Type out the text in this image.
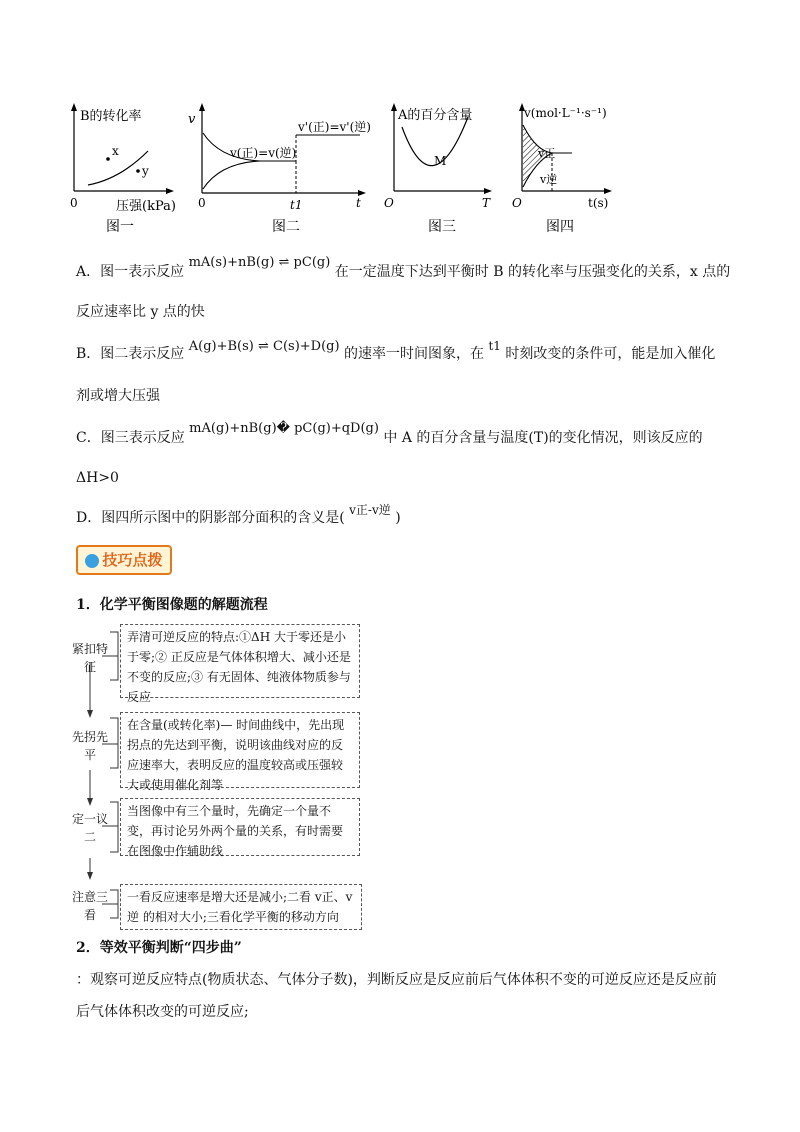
B的转化率
x
y
0	压强(kPa)
图一
v
v(正)=v(逆)
v'(正)=v'(逆)
0	t1	t
图二
A的百分含量
M
O	T
图三
v(mol·L⁻¹·s⁻¹)
v正
v逆
O	t(s)
图四
A．图一表示反应 mA(s)+nB(g) ⇌ pC(g) 在一定温度下达到平衡时 B 的转化率与压强变化的关系，x 点的
反应速率比 y 点的快
B．图二表示反应 A(g)+B(s) ⇌ C(s)+D(g) 的速率一时间图象，在 t1 时刻改变的条件可，能是加入催化
剂或增大压强
C．图三表示反应 mA(g)+nB(g)� pC(g)+qD(g) 中 A 的百分含量与温度(T)的变化情况，则该反应的
ΔH>0
D．图四所示图中的阴影部分面积的含义是( v正-v逆 )
技巧点拨
1．化学平衡图像题的解题流程
紧扣特征
弄清可逆反应的特点:①ΔH 大于零还是小于零;② 正反应是气体体积增大、减小还是不变的反应;③ 有无固体、纯液体物质参与反应
先拐先平
在含量(或转化率)— 时间曲线中，先出现拐点的先达到平衡，说明该曲线对应的反应速率大，表明反应的温度较高或压强较大或使用催化剂等
定一议二
当图像中有三个量时，先确定一个量不变，再讨论另外两个量的关系，有时需要在图像中作辅助线
注意三看
一看反应速率是增大还是减小;二看 v正、v逆 的相对大小;三看化学平衡的移动方向
2．等效平衡判断“四步曲”
：观察可逆反应特点(物质状态、气体分子数)，判断反应是反应前后气体体积不变的可逆反应还是反应前
后气体体积改变的可逆反应;
